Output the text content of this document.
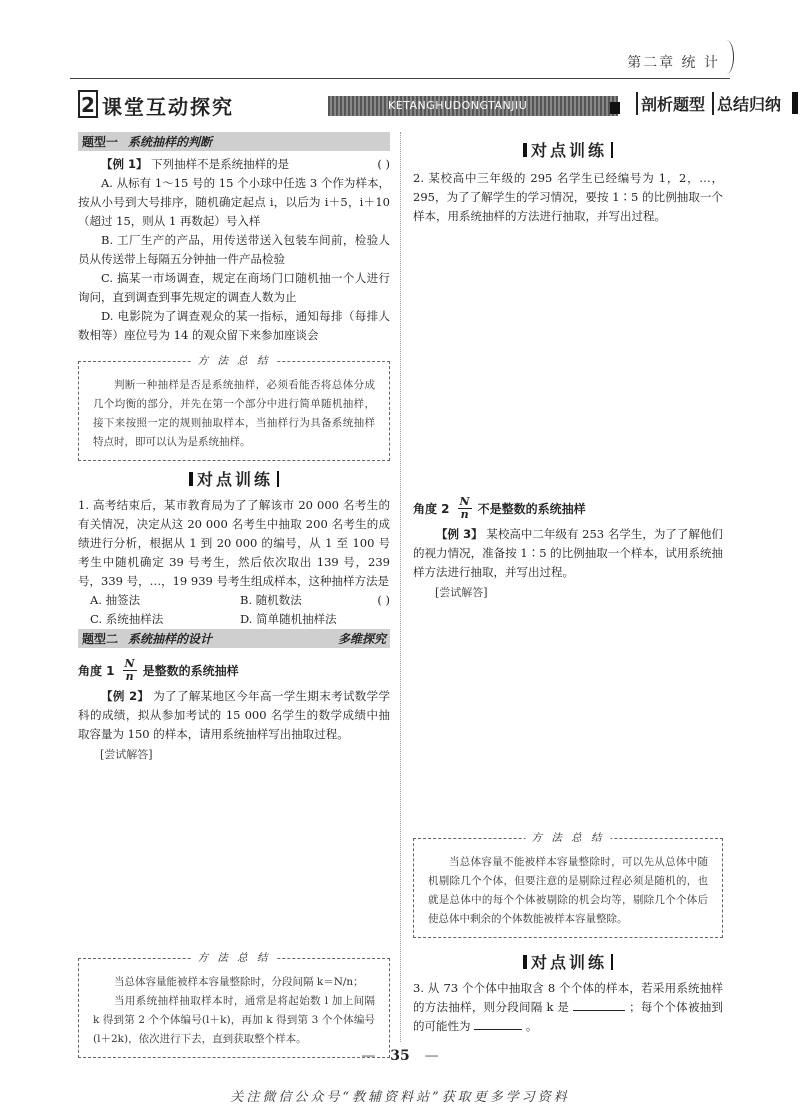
第二章 统 计
2 课堂互动探究	KETANGHUDONGTANJIU	剖析题型 总结归纳
题型一 系统抽样的判断

【例 1】 下列抽样不是系统抽样的是	( )

A. 从标有 1～15 号的 15 个小球中任选 3 个作为样本，按从小号到大号排序，随机确定起点 i，以后为 i＋5，i＋10（超过 15，则从 1 再数起）号入样

B. 工厂生产的产品，用传送带送入包装车间前，检验人员从传送带上每隔五分钟抽一件产品检验

C. 搞某一市场调查，规定在商场门口随机抽一个人进行询问，直到调查到事先规定的调查人数为止

D. 电影院为了调查观众的某一指标，通知每排（每排人数相等）座位号为 14 的观众留下来参加座谈会

方 法 总 结

判断一种抽样是否是系统抽样，必须看能否将总体分成几个均衡的部分，并先在第一个部分中进行简单随机抽样，接下来按照一定的规则抽取样本，当抽样行为具备系统抽样特点时，即可以认为是系统抽样。

对点训练

1. 高考结束后，某市教育局为了了解该市 20 000 名考生的有关情况，决定从这 20 000 名考生中抽取 200 名考生的成绩进行分析，根据从 1 到 20 000 的编号，从 1 至 100 号考生中随机确定 39 号考生，然后依次取出 139 号，239 号，339 号，…，19 939 号考生组成样本，这种抽样方法是
( )

A. 抽签法	B. 随机数法
C. 系统抽样法	D. 简单随机抽样法
题型二 系统抽样的设计	多维探究
角度 $1 \frac{N}{n}$ 是整数的系统抽样

【例 2】 为了了解某地区今年高一学生期末考试数学学科的成绩，拟从参加考试的 15 000 名学生的数学成绩中抽取容量为 150 的样本，请用系统抽样写出抽取过程。

[尝试解答]

方 法 总 结

当总体容量能被样本容量整除时，分段间隔 k＝N/n；

当用系统抽样抽取样本时，通常是将起始数 l 加上间隔 k 得到第 2 个个体编号(l＋k)，再加 k 得到第 3 个个体编号(l＋2k)，依次进行下去，直到获取整个样本。

对点训练

2. 某校高中三年级的 295 名学生已经编号为 1，2，…，295，为了了解学生的学习情况，要按 1∶5 的比例抽取一个样本，用系统抽样的方法进行抽取，并写出过程。

角度 $2 \frac{N}{n}$ 不是整数的系统抽样

【例 3】 某校高中二年级有 253 名学生，为了了解他们的视力情况，准备按 1∶5 的比例抽取一个样本，试用系统抽样方法进行抽取，并写出过程。

[尝试解答]

方 法 总 结

当总体容量不能被样本容量整除时，可以先从总体中随机剔除几个个体，但要注意的是剔除过程必须是随机的，也就是总体中的每个个体被剔除的机会均等，剔除几个个体后使总体中剩余的个体数能被样本容量整除。

对点训练

3. 从 73 个个体中抽取含 8 个个体的样本，若采用系统抽样的方法抽样，则分段间隔 k 是	；每个个体被抽到的可能性为	。

— 35 —
关注微信公众号“教辅资料站”获取更多学习资料
